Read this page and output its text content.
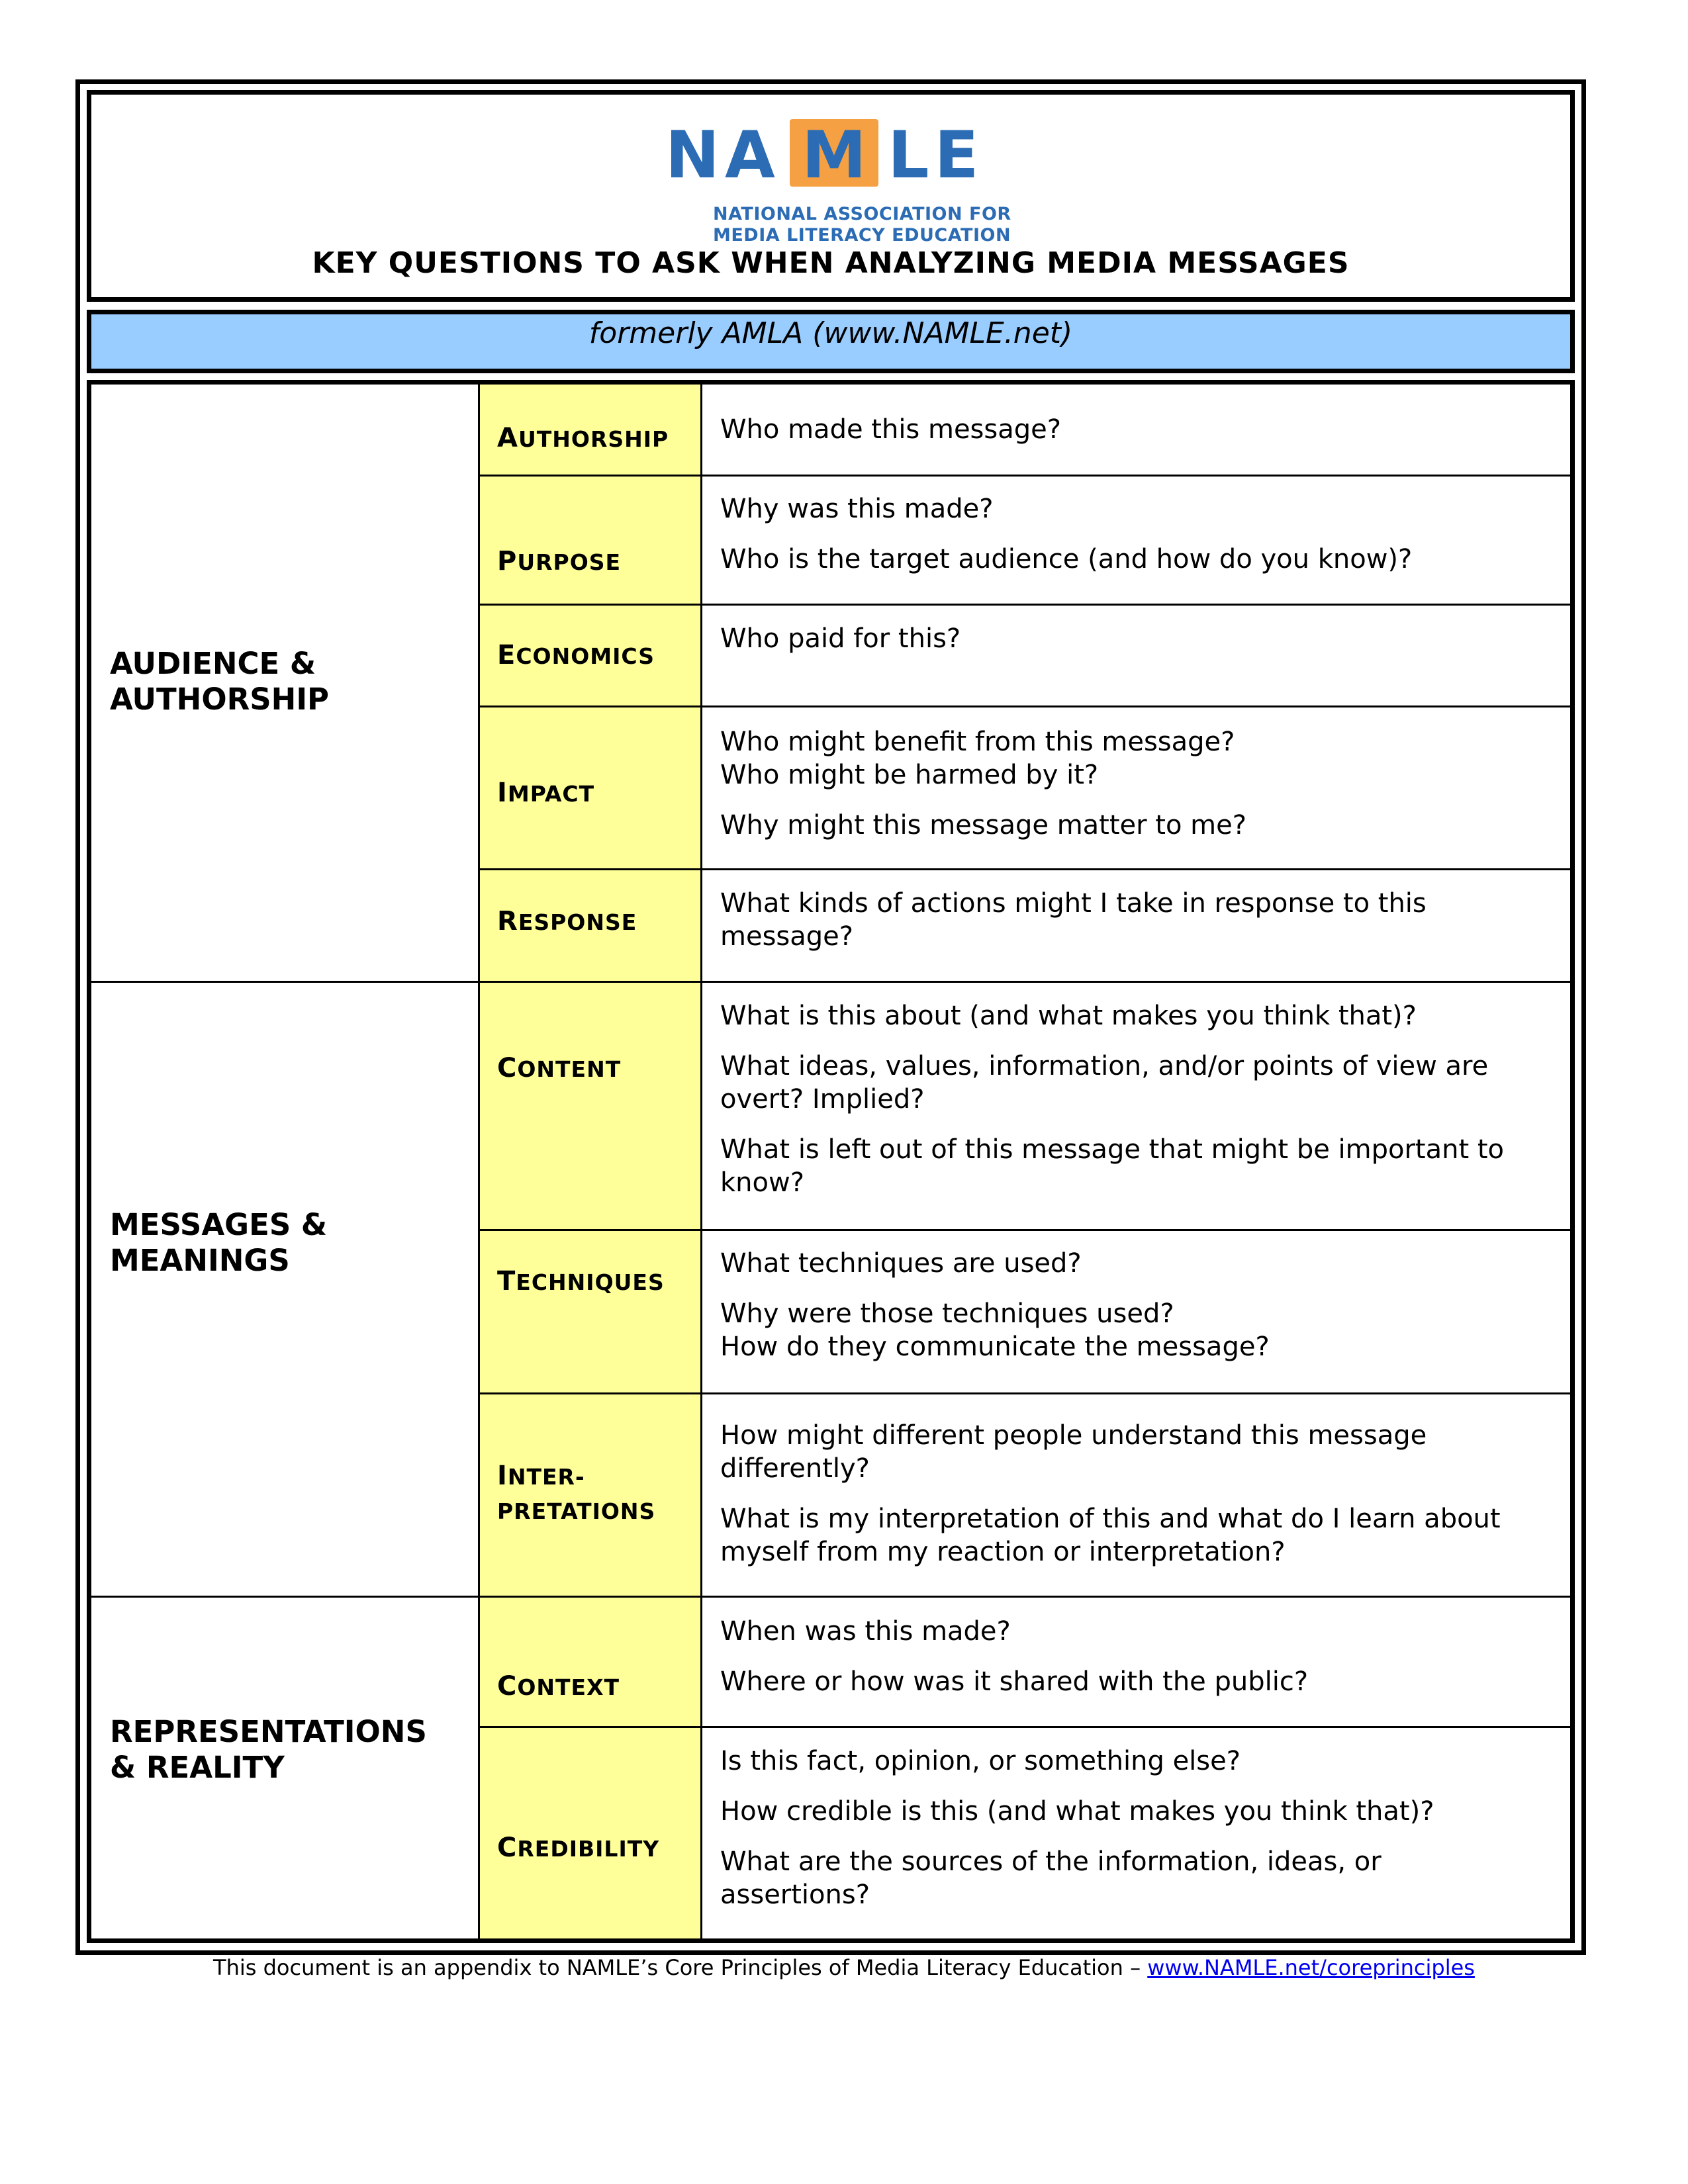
NA M LE
NATIONAL ASSOCIATION FOR
MEDIA LITERACY EDUCATION
KEY QUESTIONS TO ASK WHEN ANALYZING MEDIA MESSAGES
formerly AMLA (www.NAMLE.net)
AUDIENCE &
AUTHORSHIP
MESSAGES &
MEANINGS
REPRESENTATIONS
& REALITY
AUTHORSHIP
PURPOSE
ECONOMICS
IMPACT
RESPONSE
CONTENT
TECHNIQUES
INTER-
PRETATIONS
CONTEXT
CREDIBILITY

Who made this message?

Why was this made?

Who is the target audience (and how do you know)?

Who paid for this?

Who might benefit from this message?

Who might be harmed by it?

Why might this message matter to me?

What kinds of actions might I take in response to this

message?

What is this about (and what makes you think that)?

What ideas, values, information, and/or points of view are

overt? Implied?

What is left out of this message that might be important to

know?

What techniques are used?

Why were those techniques used?

How do they communicate the message?

How might different people understand this message

differently?

What is my interpretation of this and what do I learn about

myself from my reaction or interpretation?

When was this made?

Where or how was it shared with the public?

Is this fact, opinion, or something else?

How credible is this (and what makes you think that)?

What are the sources of the information, ideas, or

assertions?

This document is an appendix to NAMLE’s Core Principles of Media Literacy Education – www.NAMLE.net/coreprinciples
